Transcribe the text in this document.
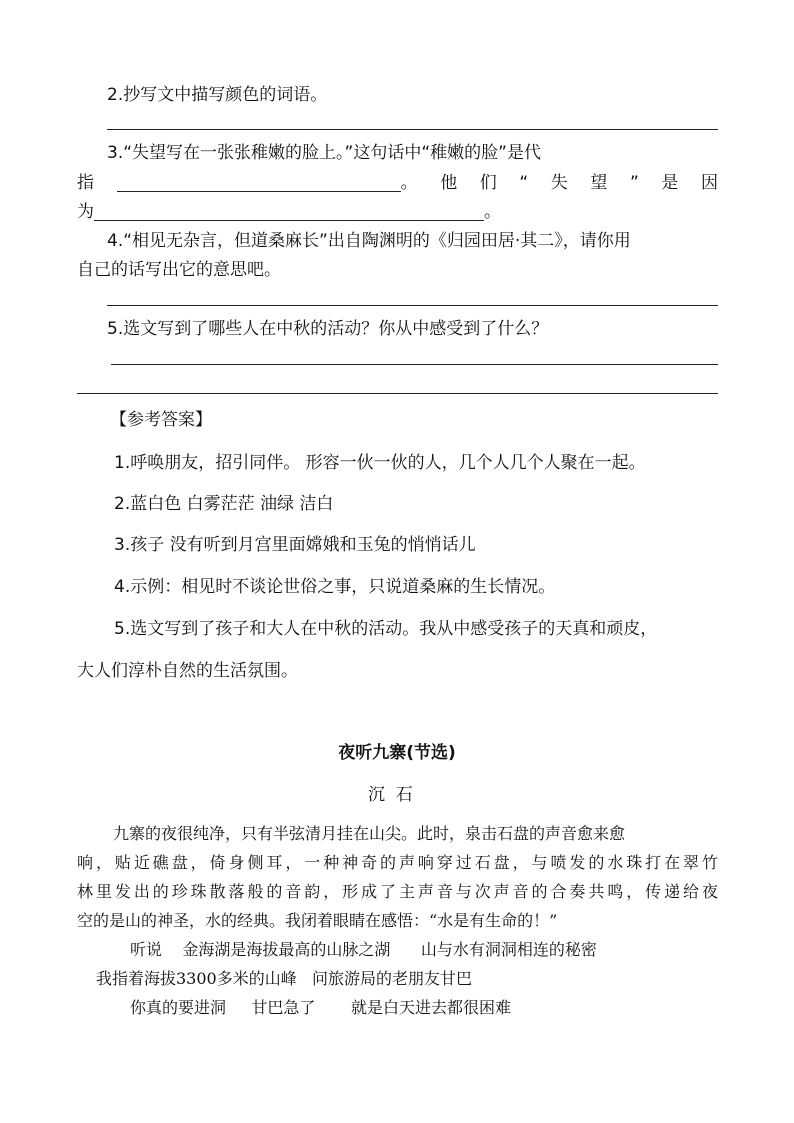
2.抄写文中描写颜色的词语。
3.“失望写在一张张稚嫩的脸上。”这句话中“稚嫩的脸”是代
指	。 他 们 “ 失 望 ” 是 因
为	。
4.“相见无杂言，但道桑麻长”出自陶渊明的《归园田居·其二》，请你用
自己的话写出它的意思吧。
5.选文写到了哪些人在中秋的活动？你从中感受到了什么？
【参考答案】
1.呼唤朋友，招引同伴。 形容一伙一伙的人，几个人几个人聚在一起。
2.蓝白色 白雾茫茫 油绿 洁白
3.孩子 没有听到月宫里面嫦娥和玉兔的悄悄话儿
4.示例：相见时不谈论世俗之事，只说道桑麻的生长情况。
5.选文写到了孩子和大人在中秋的活动。我从中感受孩子的天真和顽皮，
大人们淳朴自然的生活氛围。
夜听九寨(节选)
沉  石
九寨的夜很纯净，只有半弦清月挂在山尖。此时，泉击石盘的声音愈来愈
响，贴近礁盘，倚身侧耳，一种神奇的声响穿过石盘，与喷发的水珠打在翠竹
林里发出的珍珠散落般的音韵，形成了主声音与次声音的合奏共鸣，传递给夜
空的是山的神圣，水的经典。我闭着眼睛在感悟：“水是有生命的！”
听说    金海湖是海拔最高的山脉之湖      山与水有洞洞相连的秘密
我指着海拔3300多米的山峰   问旅游局的老朋友甘巴
你真的要进洞     甘巴急了       就是白天进去都很困难
